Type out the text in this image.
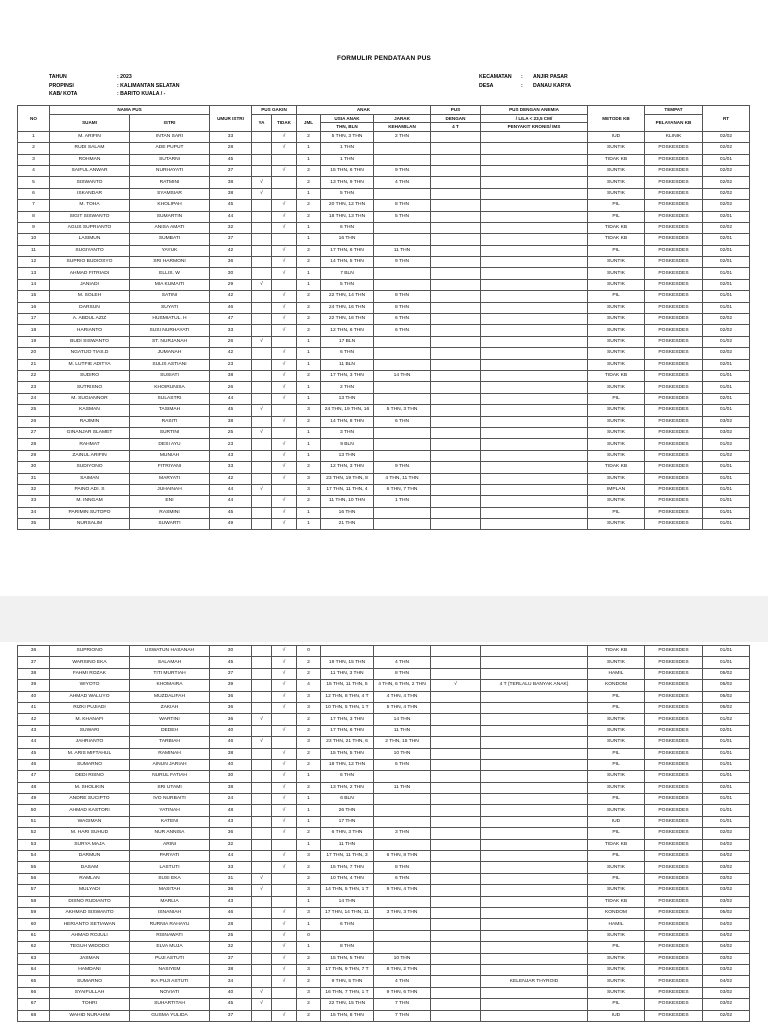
FORMULIR PENDATAAN PUS
TAHUN	: 2023
PROPINSI	: KALIMANTAN SELATAN
KAB/ KOTA	: BARITO KUALA / -
KECAMATAN	:	ANJIR PASAR
DESA	:	DANAU KARYA
NO	NAMA PUS		UMUR ISTRI	PUS GAKIN		ANAK			PUS	PUS DENGAN ANEMIA	METODE KB	TEMPAT	RT
	SUAMI	ISTRI		YA	TIDAK	JML	USIA ANAK	JARAK	DENGAN	/ LILA < 23,5 CM/		PELAYANAN KB	
							THN, BLN	KEHAMILAN	4 T	PENYAKIT KRONIS/ IMS			
1	M. ARIFIN	INTAN SARI	33		√	2	5 THN, 3 THN	2 THN			IUD	KLINIK	02/02
2	RUDI SALAM	ADE PUPUT	28		√	1	1 THN				SUNTIK	POSKESDES	02/02
3	ROHMAN	SUTARNI	45			1	1 THN				TIDAK KB	POSKESDES	01/01
4	SAIFUL ANWAR	NURHAYATI	37		√	2	15 THN, 6 THN	9 THN			SUNTIK	POSKESDES	02/02
5	SISWANTO	RATMINI	38	√		2	13 THN, 9 THN	4 THN			SUNTIK	POSKESDES	02/02
6	ISKANDAR	SYAMSIAR	38	√		1	5 THN				SUNTIK	POSKESDES	02/02
7	M. TOHA	KHOLIPAH	45		√	2	20 THN, 12 THN	8 THN			PIL	POSKESDES	02/02
8	SIGIT SISWANTO	SUMARTIN	44		√	2	18 THN, 13 THN	5 THN			PIL	POSKESDES	02/01
9	AGUS SUPRIANTO	ANISA AMATI	32		√	1	6 THN				TIDAK KB	POSKESDES	02/02
10	LASIMUN	SUMBATI	37			1	16 THN				TIDAK KB	POSKESDES	02/01
11	SUGIYANTO	YAYUK	42		√	2	17 THN, 6 THN	11 THN			PIL	POSKESDES	02/01
12	SUPRIO BUDIOSYO	SRI HARMONI	36		√	2	14 THN, 5 THN	9 THN			SUNTIK	POSKESDES	02/01
13	AHMAD FITRIADI	ELLIS. W	30		√	1	7 BLN				SUNTIK	POSKESDES	01/01
14	JANIADI	MIA KUMAITI	29	√		1	5 THN				SUNTIK	POSKESDES	02/01
15	M. SOLEH	SATINI	42		√	2	22 THN, 14 THN	8 THN			PIL	POSKESDES	01/01
16	DARSUN	SUYATI	46		√	2	24 THN, 16 THN	8 THN			SUNTIK	POSKESDES	01/01
17	A. ABDUL AZIZ	HUSMIATUL. H	47		√	2	22 THN, 16 THN	6 THN			SUNTIK	POSKESDES	02/02
18	HARIANTO	SUSI NURHAYATI	33		√	2	12 THN, 6 THN	6 THN			SUNTIK	POSKESDES	02/02
19	BUDI SISWANTO	ST. NURJANAH	26	√		1	17 BLN				SUNTIK	POSKESDES	01/02
20	NGATIJO TIAS.D	JUMANAH	42		√	1	6 THN				SUNTIK	POSKESDES	02/02
21	M. LUTFIE ADITYA	SULIS ASTIANI	23		√	1	11 BLN				SUNTIK	POSKESDES	02/01
22	SUDIRO	SUSIATI	38		√	2	17 THN, 3 THN	14 THN			TIDAK KB	POSKESDES	01/01
23	SUTRISNO	KHOIRUNISA	26		√	1	2 THN				SUNTIK	POSKESDES	01/01
24	M. SUGIANNOR	SULASTRI	44		√	1	13 THN				PIL	POSKESDES	02/01
25	KASMAN	TASIMAH	45	√		3	24 THN, 19 THN, 16	5 THN, 3 THN			SUNTIK	POSKESDES	01/01
26	RAJIMIN	RASITI	38		√	2	14 THN, 8 THN	6 THN			SUNTIK	POSKESDES	03/02
27	GINANJAR SLAMET	SURTINI	25	√		1	3 THN				SUNTIK	POSKESDES	03/02
28	RAHMAT	DESI AYU	23		√	1	9 BLN				SUNTIK	POSKESDES	01/02
29	ZAINUL ARIFIN	MUNIAH	43		√	1	13 THN				SUNTIK	POSKESDES	01/02
30	SUDIYONO	FITRIYANI	33		√	2	12 THN, 3 THN	9 THN			TIDAK KB	POSKESDES	01/01
31	SAIMAN	MARYATI	42		√	3	23 THN, 19 THN, 8	4 THN, 11 THN			SUNTIK	POSKESDES	01/01
32	PAINO ADI. S	JUHAINAH	44	√		3	17 THN, 11 THN, 4	6 THN, 7 THN			IMPLAN	POSKESDES	01/01
33	M. INNGAM	ENI	44		√	2	11 THN, 10 THN	1 THN			SUNTIK	POSKESDES	01/01
34	PARIMIN SUTOPO	RASMINI	45		√	1	16 THN				PIL	POSKESDES	01/01
35	NURSALIM	SUWARTI	49		√	1	21 THN				SUNTIK	POSKESDES	01/01
36	SUPRIONO	USWATUN HASANAH	30		√	0					TIDAK KB	POSKESDES	01/01
37	WARSINO EKA	SALAMAH	45		√	2	19 THN, 15 THN	4 THN			SUNTIK	POSKESDES	01/01
38	FAHMI ROZAK	TITI MURTIAH	37		√	2	11 THN, 3 THN	8 THN			HAMIL	POSKESDES	05/02
39	WIYOTO	KHOMAIRA	39		√	4	15 THN, 11 THN, 5	4 THN, 6 THN, 2 THN	√	4 T (TERLALU BANYAK ANAK)	KONDOM	POSKESDES	05/02
40	AHMAD WALUYO	MUZDALIFAH	36		√	3	12 THN, 8 THN, 4 T	4 THN, 4 THN			PIL	POSKESDES	05/02
41	RIZKI PUJIADI	ZAKIAH	36		√	3	10 THN, 5 THN, 1 T	5 THN, 4 THN			PIL	POSKESDES	05/02
42	M. KHANAFI	WARTINI	36	√		2	17 THN, 3 THN	14 THN			SUNTIK	POSKESDES	01/02
43	SUWARI	DEDEH	40		√	2	17 THN, 6 THN	11 THN			SUNTIK	POSKESDES	02/01
44	JAHRIANTO	TARBIAH	46	√		3	23 THN, 21 THN, 6	2 THN, 15 THN			SUNTIK	POSKESDES	01/01
45	M. ARIS MIFTAHUL	RAMINAH	38		√	2	15 THN, 5 THN	10 THN			PIL	POSKESDES	01/01
46	SUMARNO	AINUN JARIAH	40		√	2	18 THN, 12 THN	6 THN			PIL	POSKESDES	01/01
47	DEDI RISNO	NURUL FATIAH	30		√	1	6 THN				SUNTIK	POSKESDES	01/01
48	M. SHOLIKIN	SRI UTAMI	38		√	2	13 THN, 2 THN	11 THN			SUNTIK	POSKESDES	02/01
49	ANDRE SUCIPTO	IVO NURBAITI	24		√	1	6 BLN				PIL	POSKESDES	01/01
50	AHMAD KASTORI	YATINAH	48		√	1	26 THN				SUNTIK	POSKESDES	01/01
51	WAGIMAN	KATENI	43		√	1	17 THN				IUD	POSKESDES	01/01
52	M. HARI SUHUD	NUR ANNISA	36		√	2	6 THN, 3 THN	3 THN			PIL	POSKESDES	02/02
53	SURYA MAJA	ARINI	32			1	11 THN				TIDAK KB	POSKESDES	04/02
54	DARMUN	PARYATI	44		√	3	17 THN, 11 THN, 3	6 THN, 8 THN			PIL	POSKESDES	04/02
55	DASAM	LASTUTI	33		√	2	15 THN, 7 THN	8 THN			SUNTIK	POSKESDES	03/02
56	RAMLAN	SUSI EKA	31	√		2	10 THN, 4 THN	6 THN			PIL	POSKESDES	03/02
57	MULYADI	MASITAH	36	√		3	14 THN, 5 THN, 1 T	9 THN, 4 THN			SUNTIK	POSKESDES	03/02
58	DISNO RUDIANTO	MARLIA	43			1	14 THN				TIDAK KB	POSKESDES	03/02
59	AKHMAD SISWANTO	ISNANIAH	46		√	3	17 THN, 14 THN, 11	3 THN, 3 THN			KONDOM	POSKESDES	05/02
60	HERIANTO SETIAWAN	RURNIA RAHAYU	28		√	1	6 THN				HAMIL	POSKESDES	04/02
61	AHMAD ROJULI	RISNAWATI	25		√	0					SUNTIK	POSKESDES	04/02
62	TEGUH WIDODO	ELVA MUJA	32		√	1	8 THN				PIL	POSKESDES	04/02
63	JASMAN	PUJI ASTUTI	37		√	2	15 THN, 5 THN	10 THN			SUNTIK	POSKESDES	03/02
64	HAMDANI	NASIYEM	38		√	3	17 THN, 9 THN, 7 T	8 THN, 2 THN			SUNTIK	POSKESDES	03/02
65	SUMARNO	IKA PUJI ASTUTI	34		√	2	9 THN, 5 THN	4 THN		KELENJAR THYROID	SUNTIK	POSKESDES	04/02
66	SYAIFULLAH	NOVIATI	40	√		3	16 THN, 7 THN, 1 T	9 THN, 6 THN			SUNTIK	POSKESDES	03/02
67	TOHRI	SUHARTITAH	45	√		2	22 THN, 15 THN	7 THN			PIL	POSKESDES	03/02
68	WAHID NURAHIM	GUSMA YULIDA	37		√	2	15 THN, 8 THN	7 THN			IUD	POSKESDES	02/02
